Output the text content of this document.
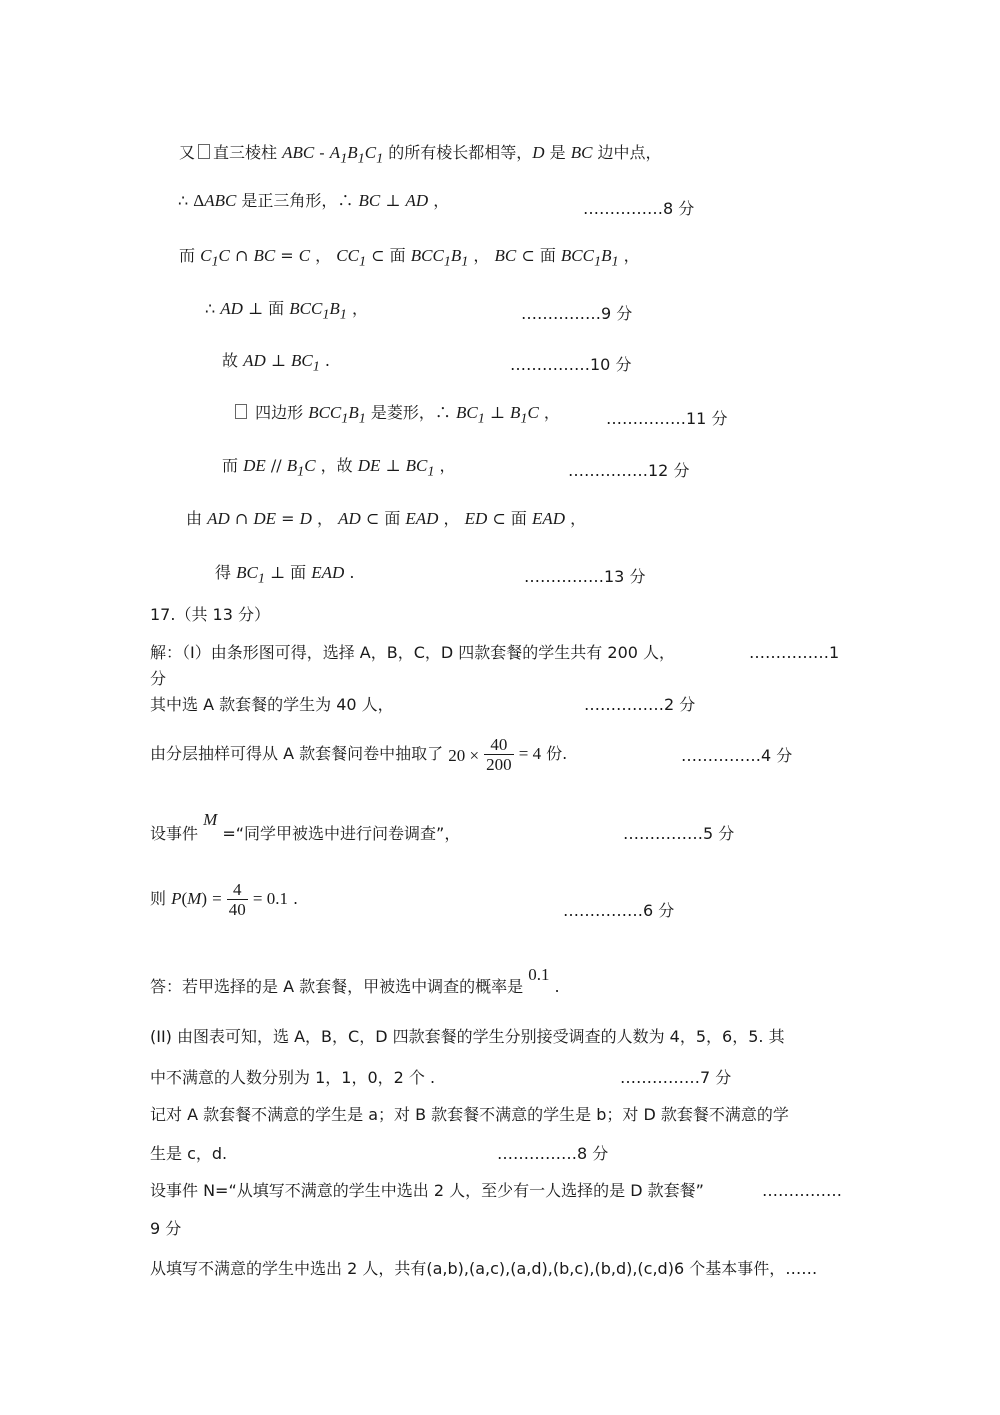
又 直三棱柱 ABC - $A_1B_1C_1$ 的所有棱长都相等，D 是 BC 边中点，
∴ ΔABC 是正三角形，∴ BC ⊥ AD ，	……………8 分
而 $C_1C$ ∩ BC = C ， $CC_1$ ⊂ 面 $BCC_1B_1$ ， BC ⊂ 面 $BCC_1B_1$ ，
∴ AD ⊥ 面 $BCC_1B_1$ ，	……………9 分
故 AD ⊥ $BC_1$ .	……………10 分
四边形 $BCC_1B_1$ 是菱形，∴ $BC_1$ ⊥ $B_1C$ ，	……………11 分
而 DE // $B_1C$ ，故 DE ⊥ $BC_1$ ，	……………12 分
由 AD ∩ DE = D ， AD ⊂ 面 EAD ， ED ⊂ 面 EAD ，
得 $BC_1$ ⊥ 面 EAD .	……………13 分
17.（共 13 分）
解：（Ⅰ）由条形图可得，选择 A，B，C，D 四款套餐的学生共有 200 人，	……………1
分
其中选 A 款套餐的学生为 40 人，	……………2 分
由分层抽样可得从 A 款套餐问卷中抽取了 $20 \times \frac{40}{200} = 4$ 份.	……………4 分
设事件 M =“同学甲被选中进行问卷调查”，	……………5 分
则 $P(M) = \frac{4}{40} = 0.1$ .
……………6 分
答：若甲选择的是 A 款套餐，甲被选中调查的概率是 0.1 .
(II) 由图表可知，选 A，B，C，D 四款套餐的学生分别接受调查的人数为 4，5，6，5. 其
中不满意的人数分别为 1，1，0，2 个 .	……………7 分
记对 A 款套餐不满意的学生是 a；对 B 款套餐不满意的学生是 b；对 D 款套餐不满意的学
生是 c，d.	……………8 分
设事件 N=“从填写不满意的学生中选出 2 人，至少有一人选择的是 D 款套餐”	……………
9 分
从填写不满意的学生中选出 2 人，共有(a,b),(a,c),(a,d),(b,c),(b,d),(c,d)6 个基本事件，……
